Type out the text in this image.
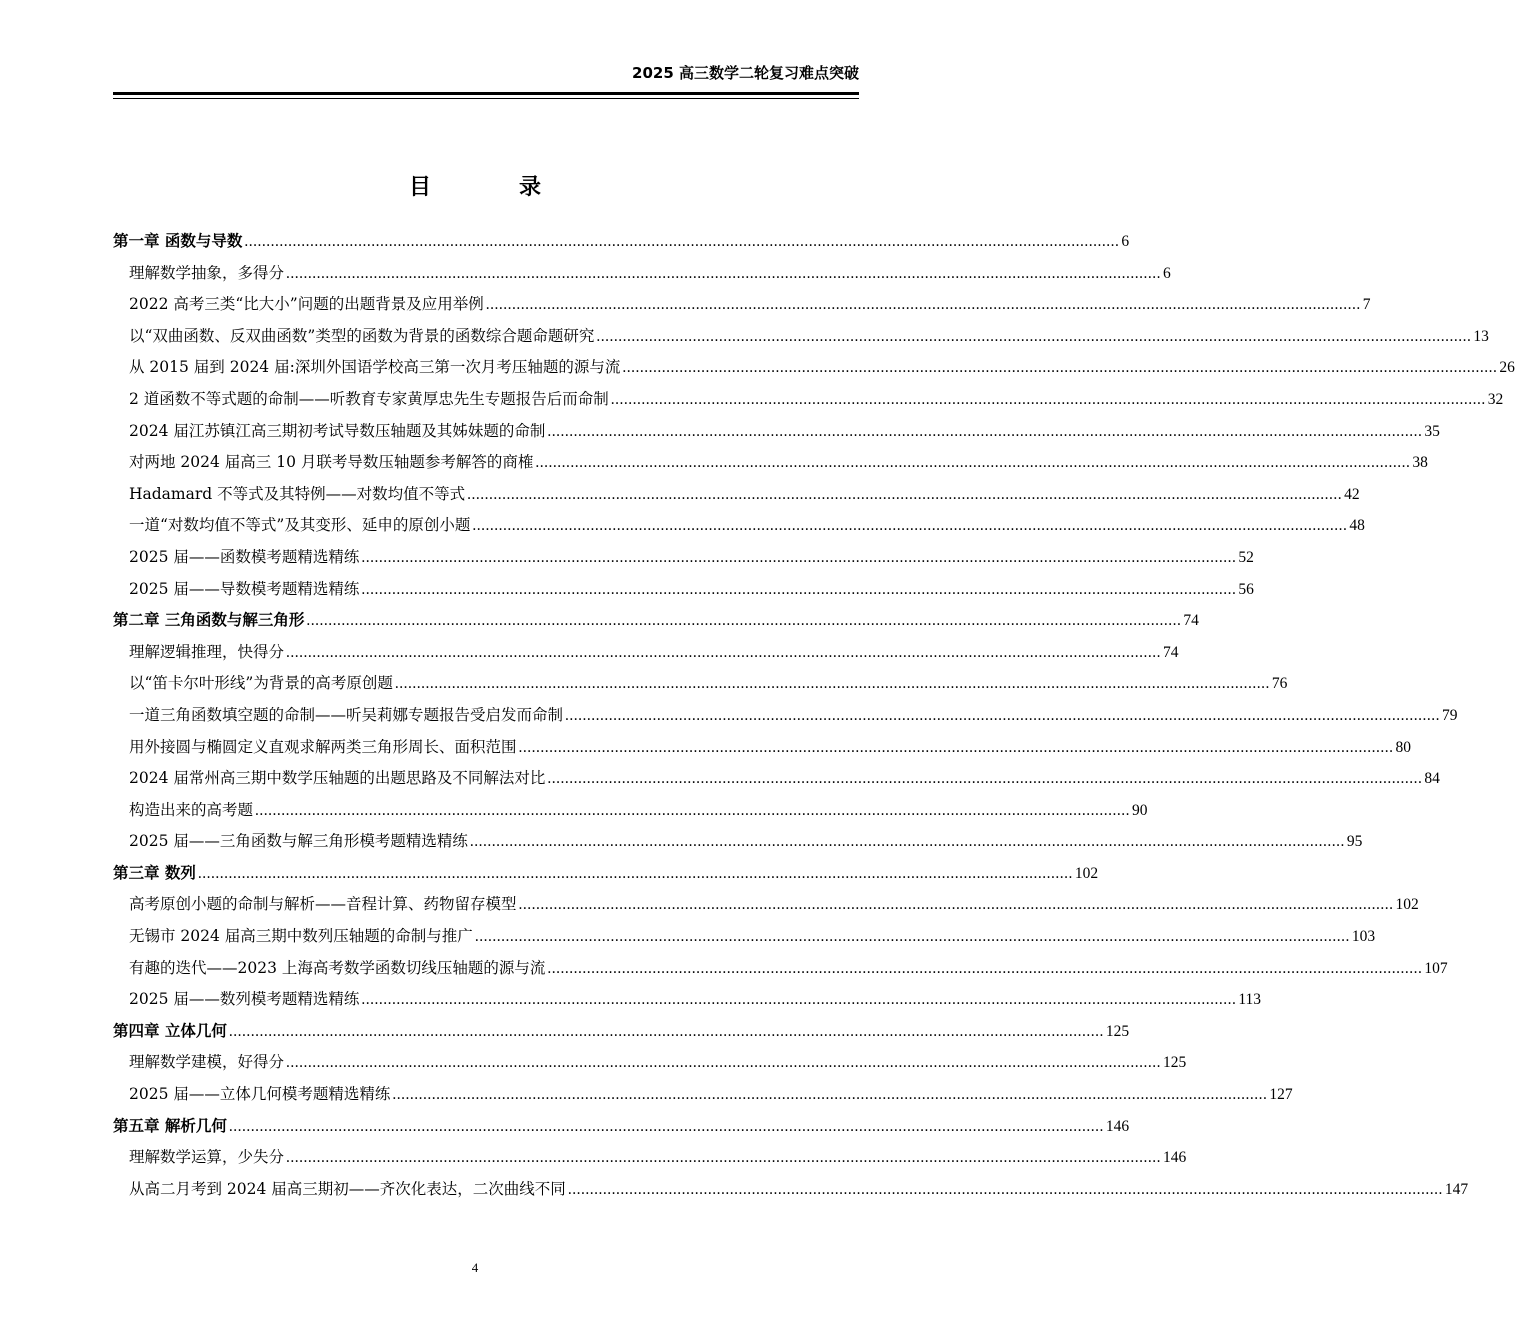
2025 高三数学二轮复习难点突破
目录
第一章 函数与导数 .....	6
理解数学抽象，多得分 .....	6
2022 高考三类“比大小”问题的出题背景及应用举例 .....	7
以“双曲函数、反双曲函数”类型的函数为背景的函数综合题命题研究 .....	13
从 2015 届到 2024 届:深圳外国语学校高三第一次月考压轴题的源与流 .....	26
2 道函数不等式题的命制——听教育专家黄厚忠先生专题报告后而命制 .....	32
2024 届江苏镇江高三期初考试导数压轴题及其姊妹题的命制 .....	35
对两地 2024 届高三 10 月联考导数压轴题参考解答的商榷 .....	38
Hadamard 不等式及其特例——对数均值不等式 .....	42
一道“对数均值不等式”及其变形、延申的原创小题 .....	48
2025 届——函数模考题精选精练 .....	52
2025 届——导数模考题精选精练 .....	56
第二章 三角函数与解三角形 .....	74
理解逻辑推理，快得分 .....	74
以“笛卡尔叶形线”为背景的高考原创题 .....	76
一道三角函数填空题的命制——听吴莉娜专题报告受启发而命制 .....	79
用外接圆与椭圆定义直观求解两类三角形周长、面积范围 .....	80
2024 届常州高三期中数学压轴题的出题思路及不同解法对比 .....	84
构造出来的高考题 .....	90
2025 届——三角函数与解三角形模考题精选精练 .....	95
第三章 数列 .....	102
高考原创小题的命制与解析——音程计算、药物留存模型 .....	102
无锡市 2024 届高三期中数列压轴题的命制与推广 .....	103
有趣的迭代——2023 上海高考数学函数切线压轴题的源与流 .....	107
2025 届——数列模考题精选精练 .....	113
第四章 立体几何 .....	125
理解数学建模，好得分 .....	125
2025 届——立体几何模考题精选精练 .....	127
第五章 解析几何 .....	146
理解数学运算，少失分 .....	146
从高二月考到 2024 届高三期初——齐次化表达，二次曲线不同 .....	147
4
